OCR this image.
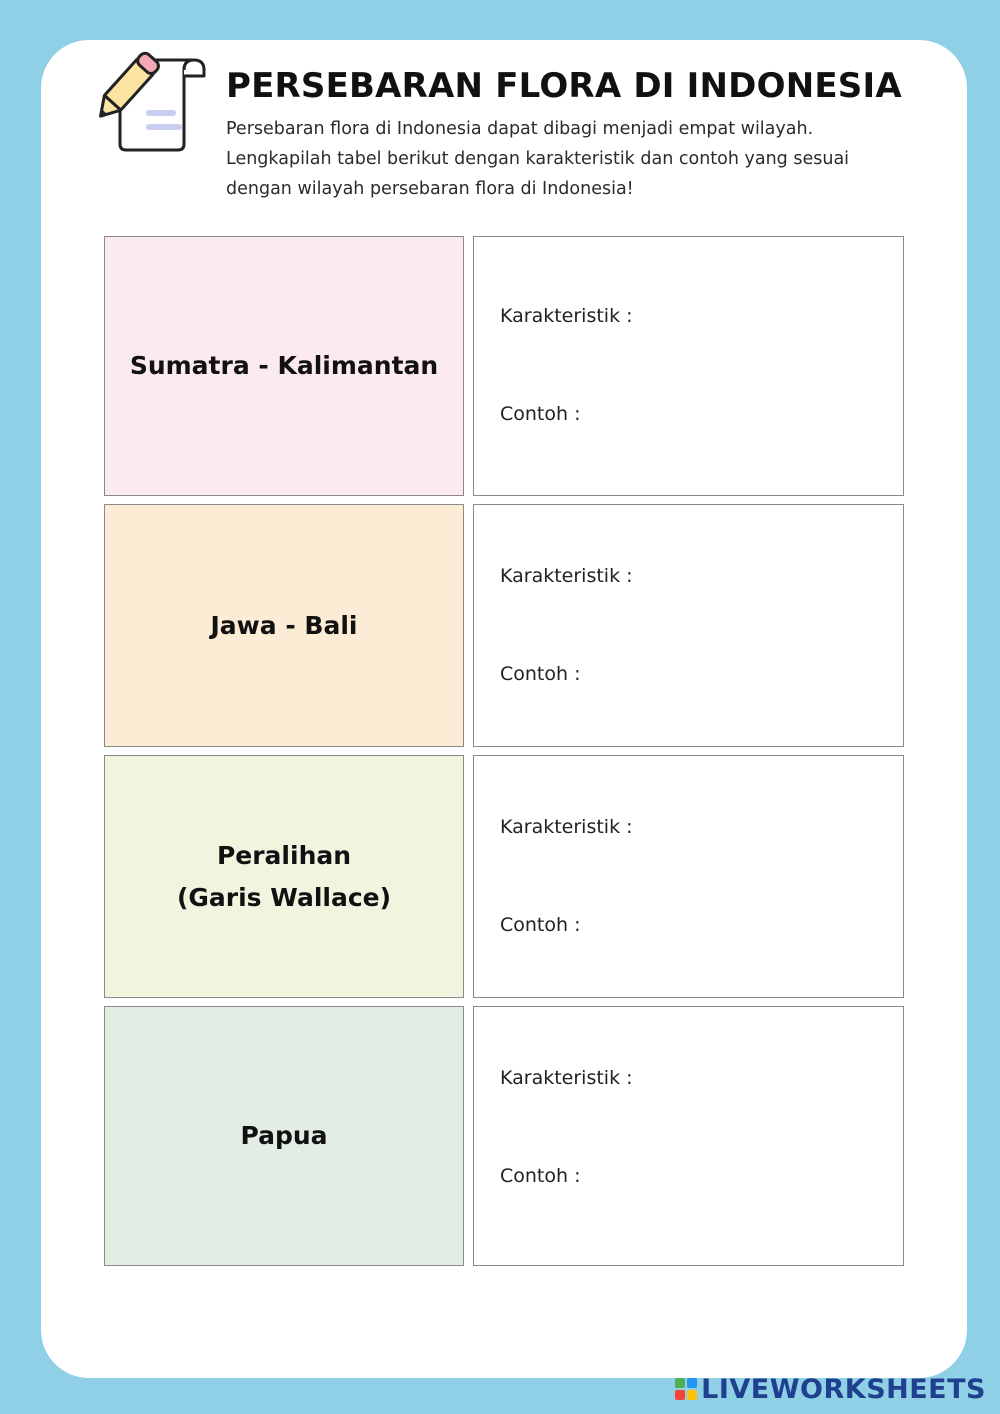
PERSEBARAN FLORA DI INDONESIA
Persebaran flora di Indonesia dapat dibagi menjadi empat wilayah.
Lengkapilah tabel berikut dengan karakteristik dan contoh yang sesuai
dengan wilayah persebaran flora di Indonesia!
Sumatra - Kalimantan
Karakteristik :
Contoh :
Jawa - Bali
Karakteristik :
Contoh :
Peralihan
(Garis Wallace)
Karakteristik :
Contoh :
Papua
Karakteristik :
Contoh :
LIVEWORKSHEETS
